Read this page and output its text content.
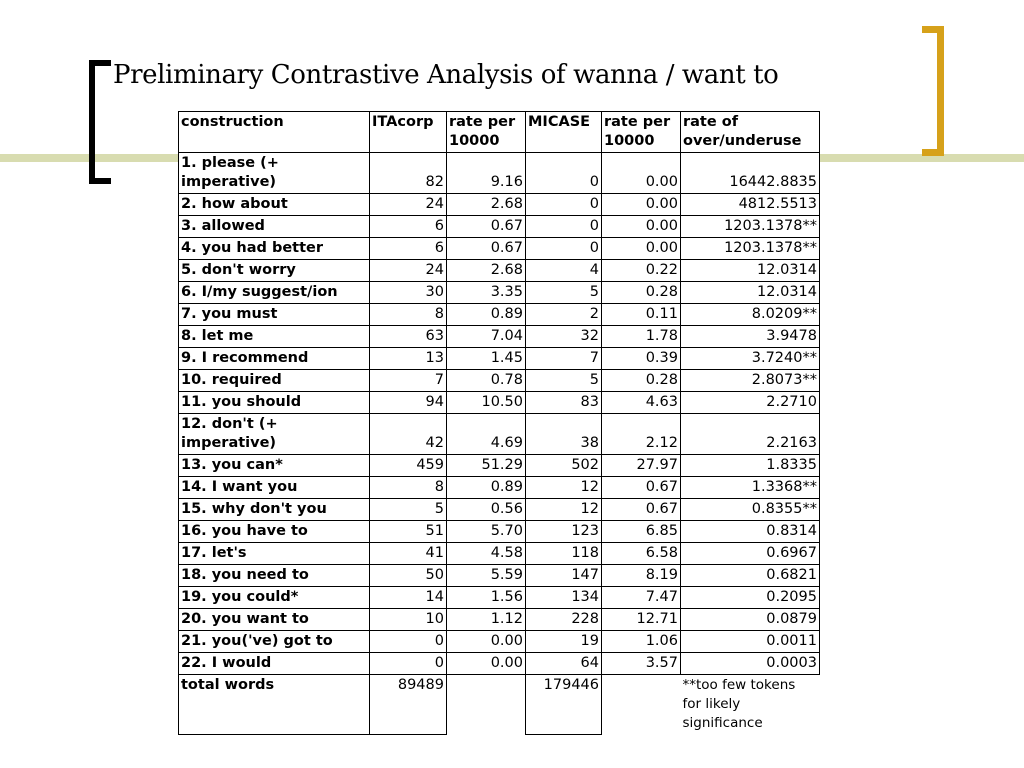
Preliminary Contrastive Analysis of wanna / want to
construction	ITAcorp	rate per 10000	MICASE	rate per 10000	rate of over/underuse
1. please (+ imperative)	82	9.16	0	0.00	16442.8835
2. how about	24	2.68	0	0.00	4812.5513
3. allowed	6	0.67	0	0.00	1203.1378**
4. you had better	6	0.67	0	0.00	1203.1378**
5. don't worry	24	2.68	4	0.22	12.0314
6. I/my suggest/ion	30	3.35	5	0.28	12.0314
7. you must	8	0.89	2	0.11	8.0209**
8. let me	63	7.04	32	1.78	3.9478
9. I recommend	13	1.45	7	0.39	3.7240**
10. required	7	0.78	5	0.28	2.8073**
11. you should	94	10.50	83	4.63	2.2710
12. don't (+ imperative)	42	4.69	38	2.12	2.2163
13. you can*	459	51.29	502	27.97	1.8335
14. I want you	8	0.89	12	0.67	1.3368**
15. why don't you	5	0.56	12	0.67	0.8355**
16. you have to	51	5.70	123	6.85	0.8314
17. let's	41	4.58	118	6.58	0.6967
18. you need to	50	5.59	147	8.19	0.6821
19. you could*	14	1.56	134	7.47	0.2095
20. you want to	10	1.12	228	12.71	0.0879
21. you('ve) got to	0	0.00	19	1.06	0.0011
22. I would	0	0.00	64	3.57	0.0003
total words	89489		179446		**too few tokens for likely significance
